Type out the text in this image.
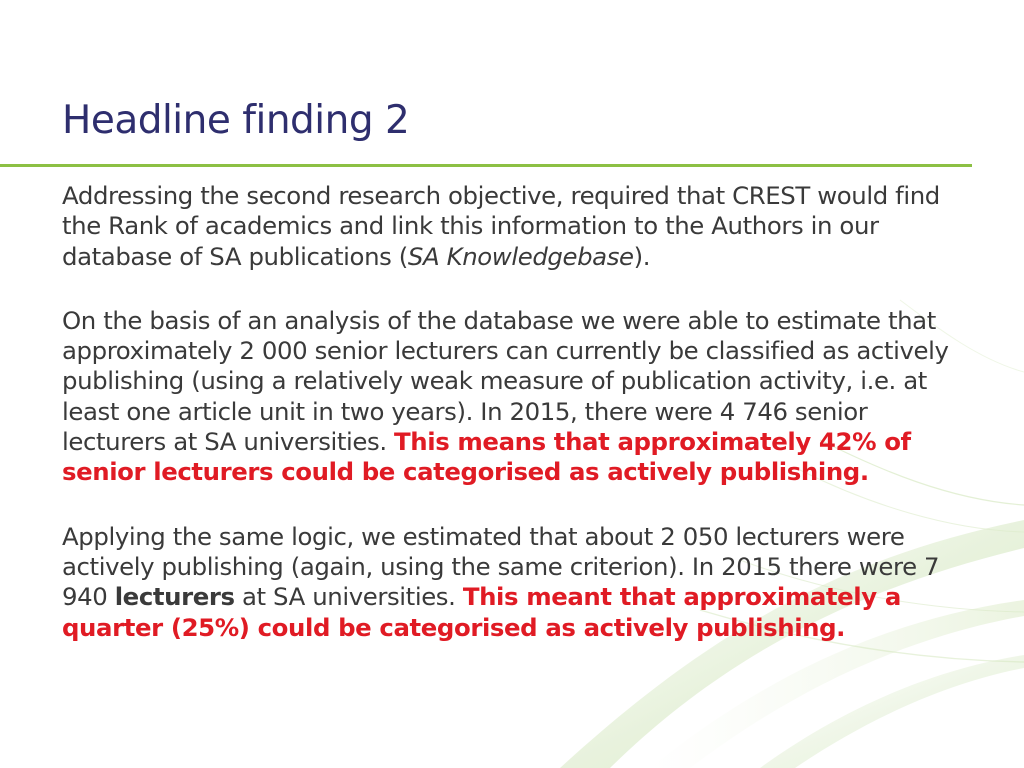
Headline finding 2

Addressing the second research objective, required that CREST would find the Rank of academics and link this information to the Authors in our database of SA publications (SA Knowledgebase).

On the basis of an analysis of the database we were able to estimate that approximately 2 000 senior lecturers can currently be classified as actively publishing (using a relatively weak measure of publication activity, i.e. at least one article unit in two years). In 2015, there were 4 746 senior lecturers at SA universities. This means that approximately 42% of senior lecturers could be categorised as actively publishing.

Applying the same logic, we estimated that about 2 050 lecturers were actively publishing (again, using the same criterion). In 2015 there were 7 940 lecturers at SA universities. This meant that approximately a quarter (25%) could be categorised as actively publishing.
